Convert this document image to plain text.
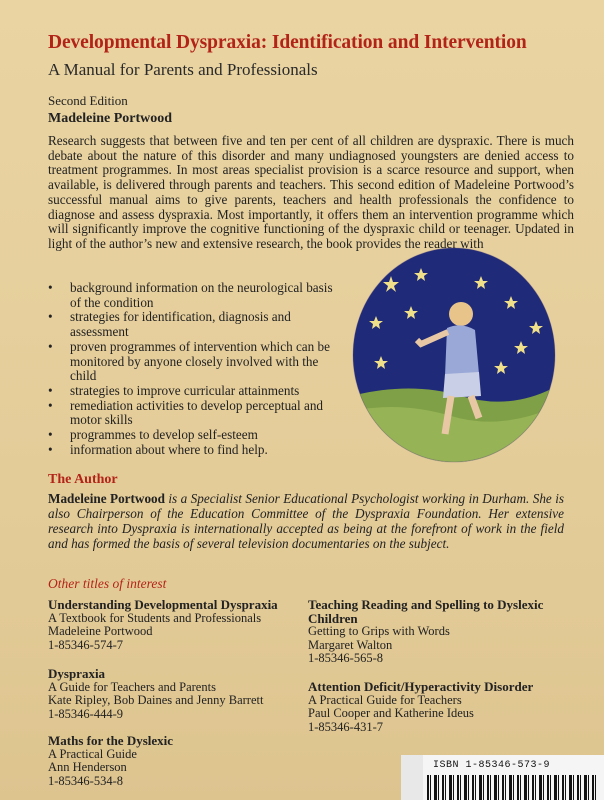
Developmental Dyspraxia: Identification and Intervention
A Manual for Parents and Professionals
Second Edition
Madeleine Portwood
Research suggests that between five and ten per cent of all children are dyspraxic. There is much debate about the nature of this disorder and many undiagnosed youngsters are denied access to treatment programmes. In most areas specialist provision is a scarce resource and support, when available, is delivered through parents and teachers. This second edition of Madeleine Portwood’s successful manual aims to give parents, teachers and health professionals the confidence to diagnose and assess dyspraxia. Most importantly, it offers them an intervention programme which will significantly improve the cognitive functioning of the dyspraxic child or teenager. Updated in light of the author’s new and extensive research, the book provides the reader with
• background information on the neurological basis of the condition
• strategies for identification, diagnosis and assessment
• proven programmes of intervention which can be monitored by anyone closely involved with the child
• strategies to improve curricular attainments
• remediation activities to develop perceptual and motor skills
• programmes to develop self-esteem
• information about where to find help.
The Author
Madeleine Portwood is a Specialist Senior Educational Psychologist working in Durham. She is also Chairperson of the Education Committee of the Dyspraxia Foundation. Her extensive research into Dyspraxia is internationally accepted as being at the forefront of work in the field and has formed the basis of several television documentaries on the subject.
Other titles of interest
Understanding Developmental Dyspraxia
A Textbook for Students and Professionals
Madeleine Portwood
1-85346-574-7
Dyspraxia
A Guide for Teachers and Parents
Kate Ripley, Bob Daines and Jenny Barrett
1-85346-444-9
Maths for the Dyslexic
A Practical Guide
Ann Henderson
1-85346-534-8
Teaching Reading and Spelling to Dyslexic Children
Getting to Grips with Words
Margaret Walton
1-85346-565-8
Attention Deficit/Hyperactivity Disorder
A Practical Guide for Teachers
Paul Cooper and Katherine Ideus
1-85346-431-7
ISBN 1-85346-573-9
